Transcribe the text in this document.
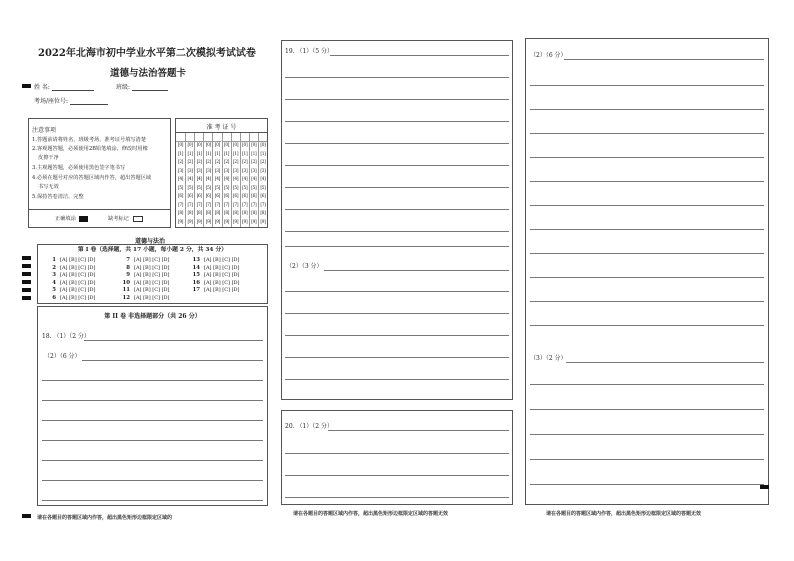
2022年北海市初中学业水平第二次模拟考试试卷
道德与法治答题卡
姓 名:	班级:
考场/座位号:
注意事项
1.答题前请将姓名、班级考场、准考证号填写清楚
2.客观题答题，必须使用2B铅笔填涂，修改时用橡
皮擦干净
3.主观题答题，必须使用黑色签字笔书写
4.必须在题号对应的答题区域内作答，超出答题区域
书写无效
5.保持答卷清洁、完整
正确填涂	缺考标记
准 考 证 号
[0]
[1]
[2]
[3]
[4]
[5]
[6]
[7]
[8]
[9]
[0]
[1]
[2]
[3]
[4]
[5]
[6]
[7]
[8]
[9]
[0]
[1]
[2]
[3]
[4]
[5]
[6]
[7]
[8]
[9]
[0]
[1]
[2]
[3]
[4]
[5]
[6]
[7]
[8]
[9]
[0]
[1]
[2]
[3]
[4]
[5]
[6]
[7]
[8]
[9]
[0]
[1]
[2]
[3]
[4]
[5]
[6]
[7]
[8]
[9]
[0]
[1]
[2]
[3]
[4]
[5]
[6]
[7]
[8]
[9]
[0]
[1]
[2]
[3]
[4]
[5]
[6]
[7]
[8]
[9]
[0]
[1]
[2]
[3]
[4]
[5]
[6]
[7]
[8]
[9]
[0]
[1]
[2]
[3]
[4]
[5]
[6]
[7]
[8]
[9]
道德与法治
第 I 卷（选择题，共 17 小题，每小题 2 分，共 34 分）
1 [A] [B] [C] [D]
2 [A] [B] [C] [D]
3 [A] [B] [C] [D]
4 [A] [B] [C] [D]
5 [A] [B] [C] [D]
6 [A] [B] [C] [D]
7 [A] [B] [C] [D]
8 [A] [B] [C] [D]
9 [A] [B] [C] [D]
10 [A] [B] [C] [D]
11 [A] [B] [C] [D]
12 [A] [B] [C] [D]
13 [A] [B] [C] [D]
14 [A] [B] [C] [D]
15 [A] [B] [C] [D]
16 [A] [B] [C] [D]
17 [A] [B] [C] [D]
第 II 卷 非选择题部分（共 26 分）
18. （1）（2 分）
（2）（6 分）
请在各题目的答题区域内作答，超出黑色矩形边框限定区域的
19. （1）（5 分）
（2）（3 分）
20. （1）（2 分）
请在各题目的答题区域内作答，超出黑色矩形边框限定区域的答题无效
（2）（6 分）
（3）（2 分）
请在各题目的答题区域内作答，超出黑色矩形边框限定区域的答题无效
